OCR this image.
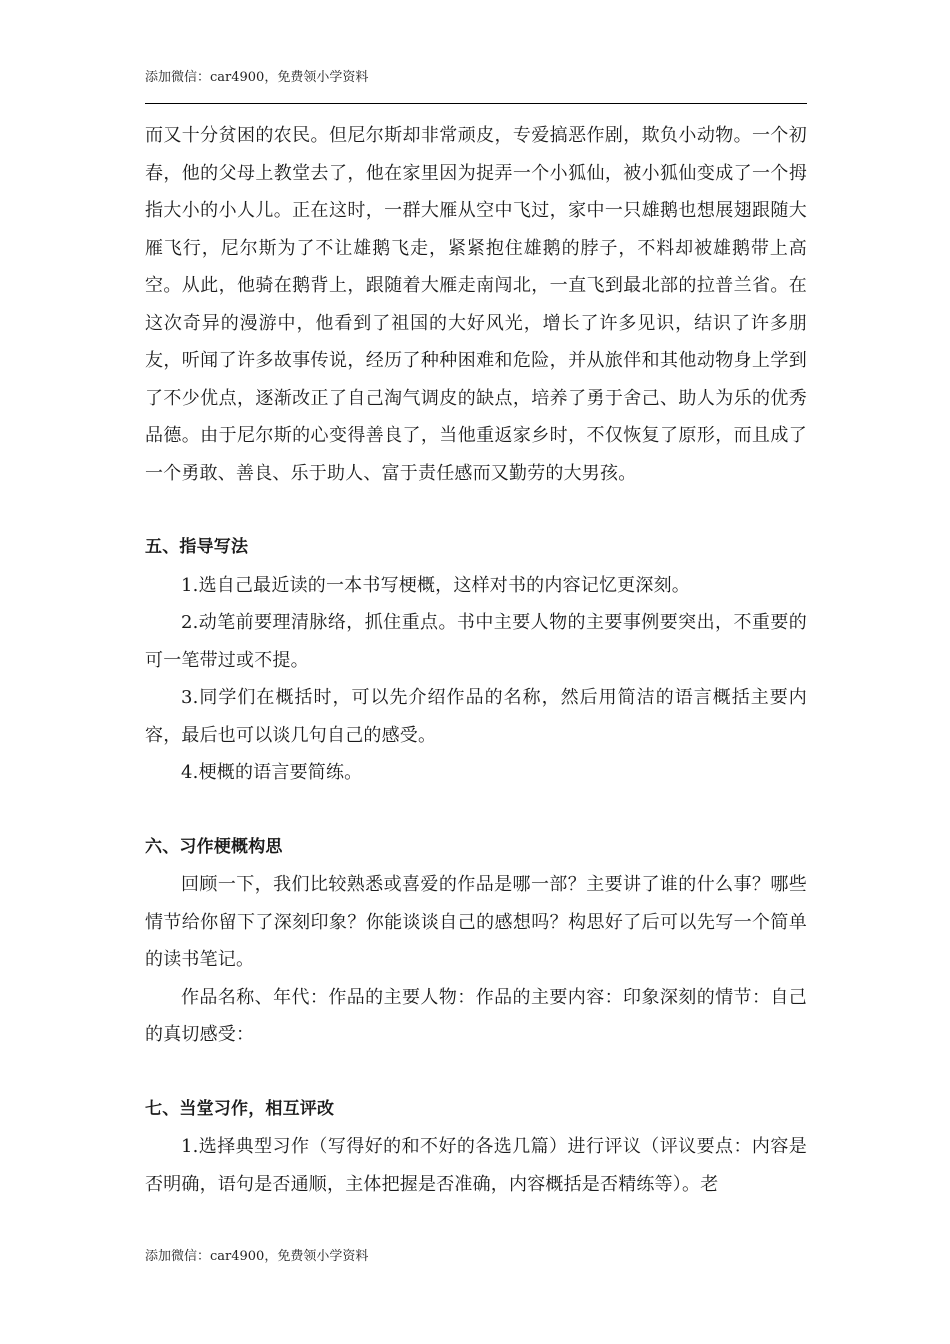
添加微信：car4900，免费领小学资料

而又十分贫困的农民。但尼尔斯却非常顽皮，专爱搞恶作剧，欺负小动物。一个初春，他的父母上教堂去了，他在家里因为捉弄一个小狐仙，被小狐仙变成了一个拇指大小的小人儿。正在这时，一群大雁从空中飞过，家中一只雄鹅也想展翅跟随大雁飞行，尼尔斯为了不让雄鹅飞走，紧紧抱住雄鹅的脖子，不料却被雄鹅带上高空。从此，他骑在鹅背上，跟随着大雁走南闯北，一直飞到最北部的拉普兰省。在这次奇异的漫游中，他看到了祖国的大好风光，增长了许多见识，结识了许多朋友，听闻了许多故事传说，经历了种种困难和危险，并从旅伴和其他动物身上学到了不少优点，逐渐改正了自己淘气调皮的缺点，培养了勇于舍己、助人为乐的优秀品德。由于尼尔斯的心变得善良了，当他重返家乡时，不仅恢复了原形，而且成了一个勇敢、善良、乐于助人、富于责任感而又勤劳的大男孩。

五、指导写法

1.选自己最近读的一本书写梗概，这样对书的内容记忆更深刻。

2.动笔前要理清脉络，抓住重点。书中主要人物的主要事例要突出，不重要的可一笔带过或不提。

3.同学们在概括时，可以先介绍作品的名称，然后用简洁的语言概括主要内容，最后也可以谈几句自己的感受。

4.梗概的语言要简练。

六、习作梗概构思

回顾一下，我们比较熟悉或喜爱的作品是哪一部？主要讲了谁的什么事？哪些情节给你留下了深刻印象？你能谈谈自己的感想吗？构思好了后可以先写一个简单的读书笔记。

作品名称、年代：作品的主要人物：作品的主要内容：印象深刻的情节：自己的真切感受：

七、当堂习作，相互评改

1.选择典型习作（写得好的和不好的各选几篇）进行评议（评议要点：内容是否明确，语句是否通顺，主体把握是否准确，内容概括是否精练等）。老

添加微信：car4900，免费领小学资料
